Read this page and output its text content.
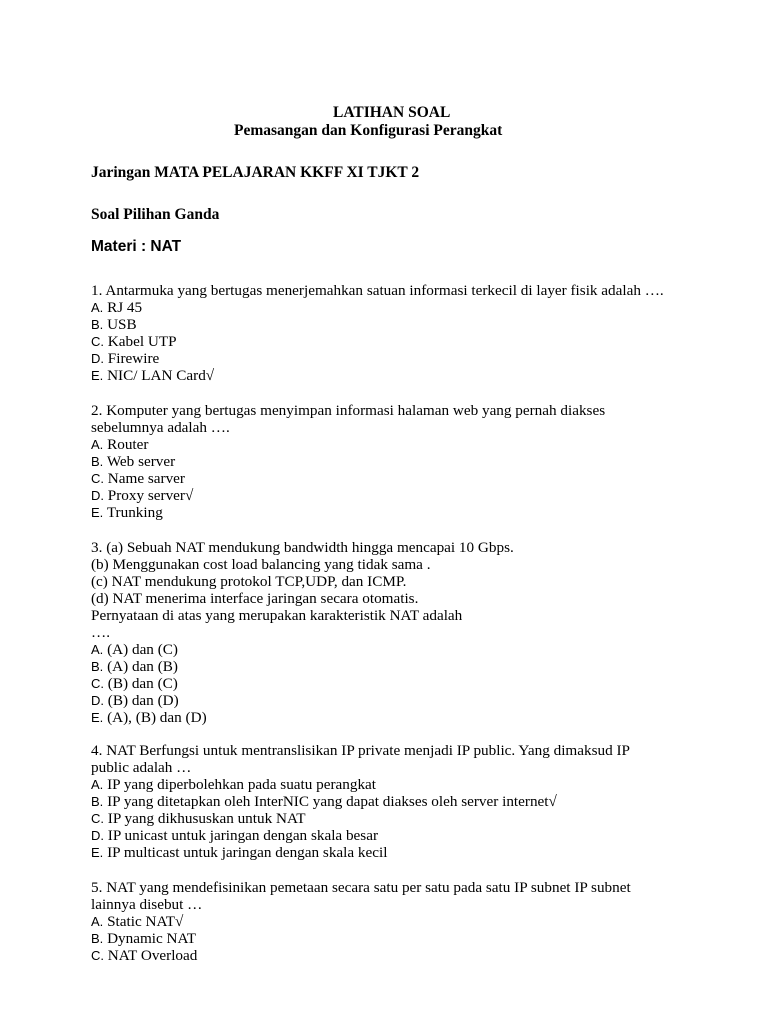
LATIHAN SOAL
Pemasangan dan Konfigurasi Perangkat
Jaringan MATA PELAJARAN KKFF XI TJKT 2
Soal Pilihan Ganda
Materi : NAT
1. Antarmuka yang bertugas menerjemahkan satuan informasi terkecil di layer fisik adalah ….
A. RJ 45
B. USB
C. Kabel UTP
D. Firewire
E. NIC/ LAN Card√
2. Komputer yang bertugas menyimpan informasi halaman web yang pernah diakses
sebelumnya adalah ….
A. Router
B. Web server
C. Name sarver
D. Proxy server√
E. Trunking
3. (a) Sebuah NAT mendukung bandwidth hingga mencapai 10 Gbps.
(b) Menggunakan cost load balancing yang tidak sama .
(c) NAT mendukung protokol TCP,UDP, dan ICMP.
(d) NAT menerima interface jaringan secara otomatis.
Pernyataan di atas yang merupakan karakteristik NAT adalah
….
A. (A) dan (C)
B. (A) dan (B)
C. (B) dan (C)
D. (B) dan (D)
E. (A), (B) dan (D)
4. NAT Berfungsi untuk mentranslisikan IP private menjadi IP public. Yang dimaksud IP
public adalah …
A. IP yang diperbolehkan pada suatu perangkat
B. IP yang ditetapkan oleh InterNIC yang dapat diakses oleh server internet√
C. IP yang dikhususkan untuk NAT
D. IP unicast untuk jaringan dengan skala besar
E. IP multicast untuk jaringan dengan skala kecil
5. NAT yang mendefisinikan pemetaan secara satu per satu pada satu IP subnet IP subnet
lainnya disebut …
A. Static NAT√
B. Dynamic NAT
C. NAT Overload
